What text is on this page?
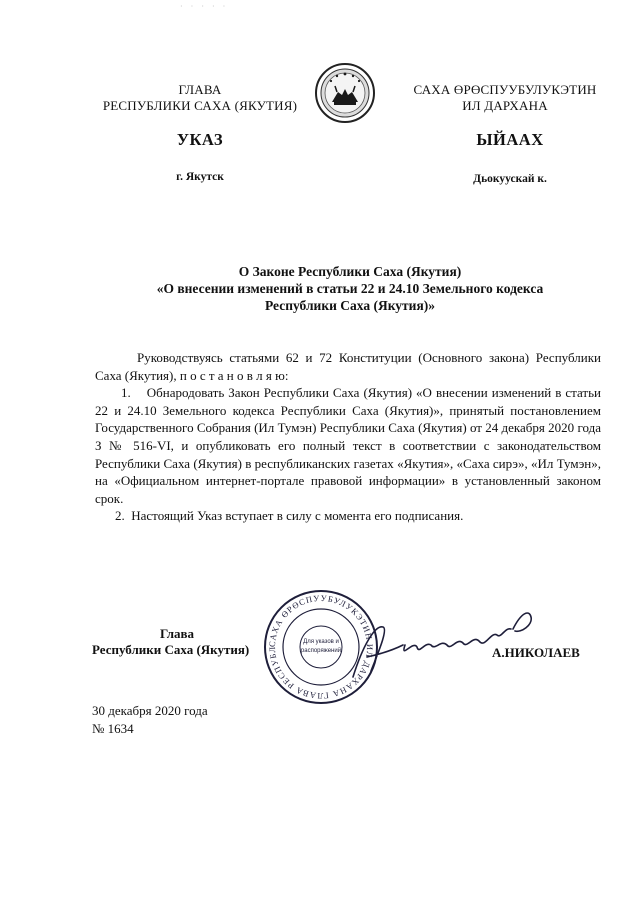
· · · · ·
ГЛАВА
РЕСПУБЛИКИ САХА (ЯКУТИЯ)
САХА ӨРӨСПУУБУЛУКЭТИН
ИЛ ДАРХАНА
УКАЗ	ЫЙААХ
г. Якутск	Дьокуускай к.
О Законе Республики Саха (Якутия)
«О внесении изменений в статьи 22 и 24.10 Земельного кодекса
Республики Саха (Якутия)»

Руководствуясь статьями 62 и 72 Конституции (Основного закона) Республики Саха (Якутия), п о с т а н о в л я ю:

1.    Обнародовать Закон Республики Саха (Якутия) «О внесении изменений в статьи 22 и 24.10 Земельного кодекса Республики Саха (Якутия)», принятый постановлением Государственного Собрания (Ил Тумэн) Республики Саха (Якутия) от 24 декабря 2020 года З № 516-VI, и опубликовать его полный текст в соответствии с законодательством Республики Саха (Якутия) в республиканских газетах «Якутия», «Саха сирэ», «Ил Тумэн», на «Официальном интернет-портале правовой информации» в установленный законом срок.

2.  Настоящий Указ вступает в силу с момента его подписания.

САХА ӨРӨСПУУБУЛУКЭТИН ИЛ ДАРХАНА ГЛАВА РЕСПУБЛ
Для указов и
распоряжений
Глава
Республики Саха (Якутия)	А.НИКОЛАЕВ
30 декабря 2020 года
№ 1634
